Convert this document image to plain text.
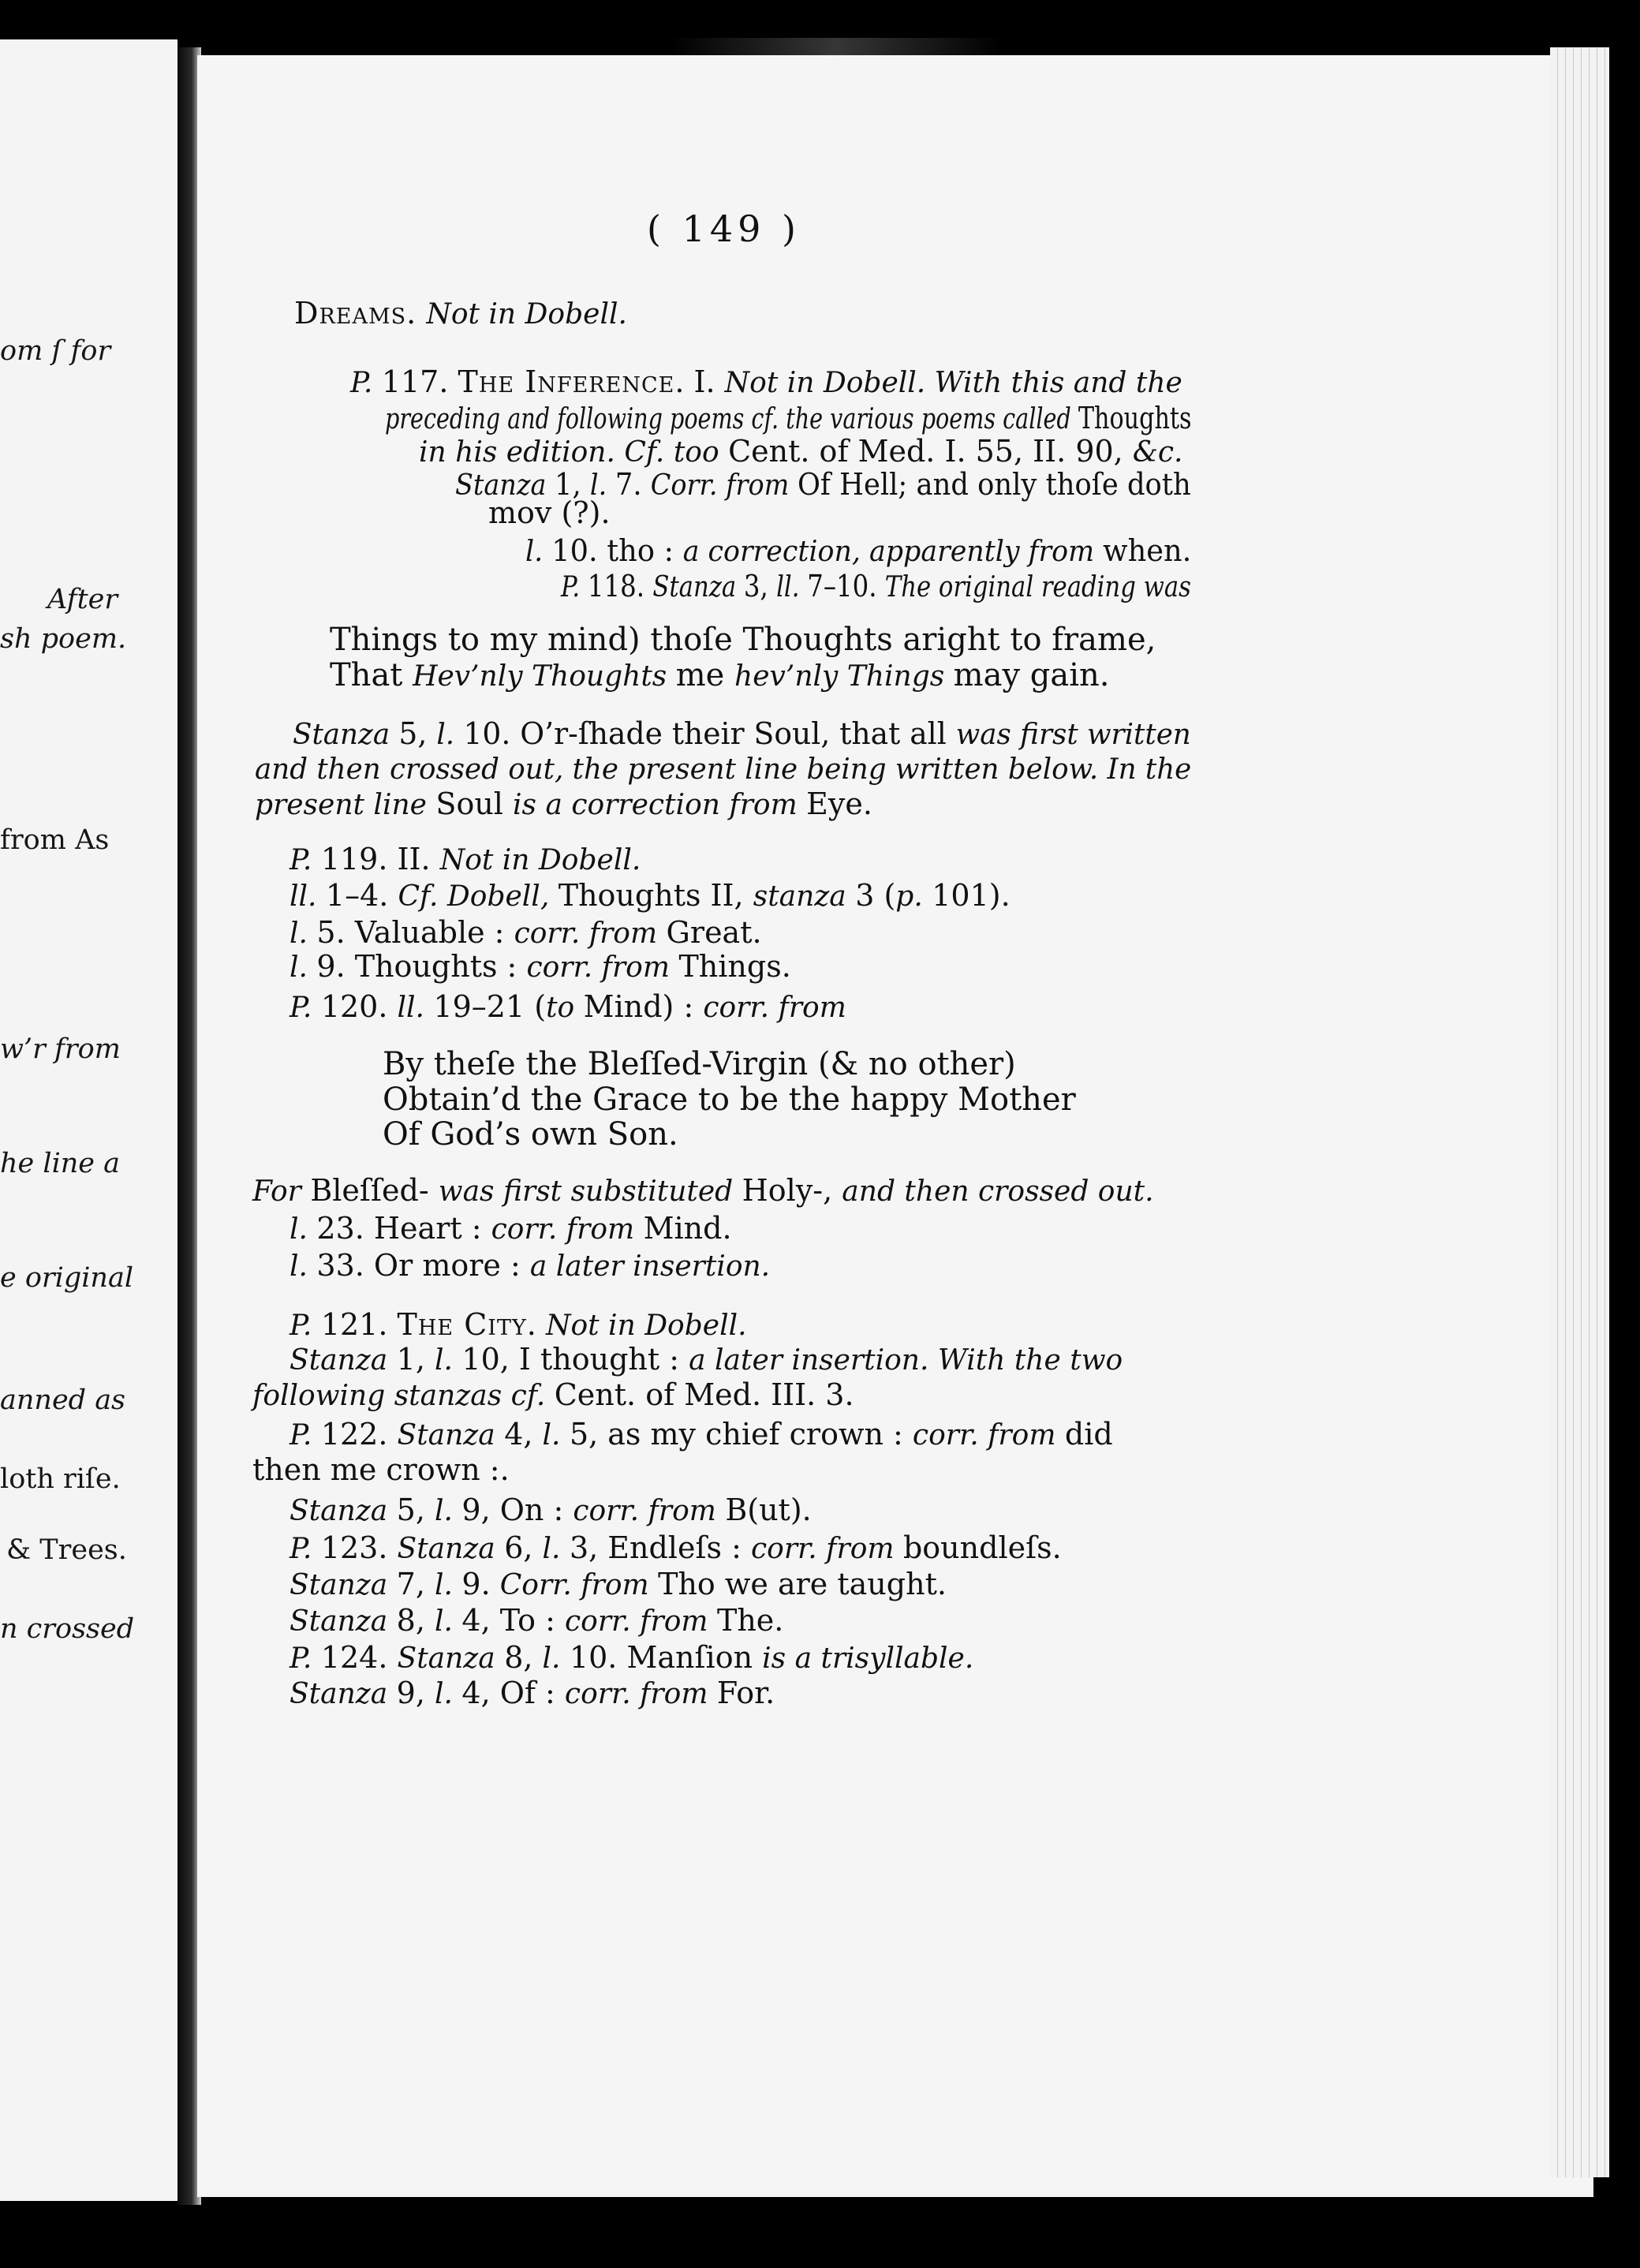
om ſ for
After
sh poem.
from As
w’r from
he line a
e original
anned as
loth riſe.
& Trees.
n crossed
( 149 )
Dreams. Not in Dobell.
P. 117. The Inference. I. Not in Dobell. With this and the
preceding and following poems cf. the various poems called Thoughts
in his edition. Cf. too Cent. of Med. I. 55, II. 90, &c.
Stanza 1, l. 7. Corr. from Of Hell; and only thoſe doth
mov (?).
l. 10. tho : a correction, apparently from when.
P. 118. Stanza 3, ll. 7–10. The original reading was
Things to my mind) thoſe Thoughts aright to frame,
That Hev’nly Thoughts me hev’nly Things may gain.
Stanza 5, l. 10. O’r-ſhade their Soul, that all was first written
and then crossed out, the present line being written below. In the
present line Soul is a correction from Eye.
P. 119. II. Not in Dobell.
ll. 1–4. Cf. Dobell, Thoughts II, stanza 3 (p. 101).
l. 5. Valuable : corr. from Great.
l. 9. Thoughts : corr. from Things.
P. 120. ll. 19–21 (to Mind) : corr. from
By theſe the Bleſſed-Virgin (& no other)
Obtain’d the Grace to be the happy Mother
Of God’s own Son.
For Bleſſed- was first substituted Holy-, and then crossed out.
l. 23. Heart : corr. from Mind.
l. 33. Or more : a later insertion.
P. 121. The City. Not in Dobell.
Stanza 1, l. 10, I thought : a later insertion. With the two
following stanzas cf. Cent. of Med. III. 3.
P. 122. Stanza 4, l. 5, as my chief crown : corr. from did
then me crown :.
Stanza 5, l. 9, On : corr. from B(ut).
P. 123. Stanza 6, l. 3, Endleſs : corr. from boundleſs.
Stanza 7, l. 9. Corr. from Tho we are taught.
Stanza 8, l. 4, To : corr. from The.
P. 124. Stanza 8, l. 10. Manſion is a trisyllable.
Stanza 9, l. 4, Of : corr. from For.
